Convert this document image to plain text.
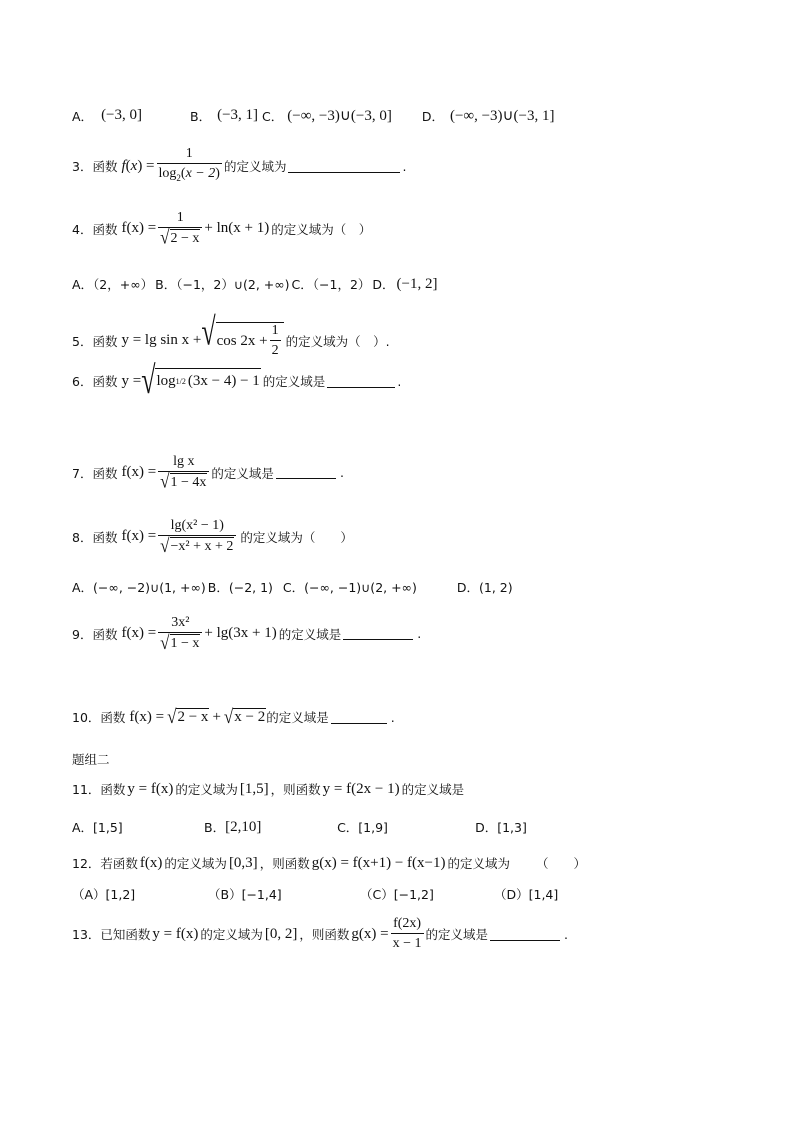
A． (−3, 0]	B． (−3, 1] C． (−∞, −3)∪(−3, 0] D． (−∞, −3)∪(−3, 1]
3． 函数 $f(x) = \frac{1}{\log_2(x - 2)}$ 的定义域为	.
4． 函数 $f(x) = \frac{1}{√ 2 - x} + \ln(x + 1)$ 的定义域为（　）
A．（2，+∞） B．（−1，2）∪(2, +∞) C．（−1，2） D． (−1, 2]
5． 函数 y = lg sin x + √ $\cos 2x + \frac{1}{2}$ 的定义域为（　）.
6． 函数 y = √ log 1/2 (3x − 4) − 1 的定义域是	.
7． 函数 $f(x) = \frac{\text{lg x}}{√ 1 - 4x}$ 的定义域是	.
8． 函数 $f(x) = \frac{\text{lg(x² − 1)}}{\text{√ −x² + x + 2}}$ 的定义域为（　　）
A．(−∞, −2)∪(1, +∞) B．(−2, 1) C．(−∞, −1)∪(2, +∞)	D．(1, 2)
9． 函数 $f(x) = \frac{\text{3x²}}{√ 1 - x} + \lg(3x + 1)$ 的定义域是	.
10． 函数 f(x) = √ 2 − x + √ x − 2 的定义域是	.
题组二
11． 函数 y = f(x) 的定义域为 [1,5] ，则函数 y = f(2x − 1) 的定义域是
A．[1,5]	B． [2,10]	C．[1,9]	D．[1,3]
12． 若函数 f(x) 的定义域为 [0,3] ，则函数 g(x) = f(x+1) − f(x−1) 的定义域为 （　　）
（A）[1,2]	（B）[−1,4]	（C）[−1,2]	（D）[1,4]
13． 已知函数 y = f(x) 的定义域为 [0, 2] ，则函数 $g(x) = \frac{f(2x)}{x - 1}$ 的定义域是	.
